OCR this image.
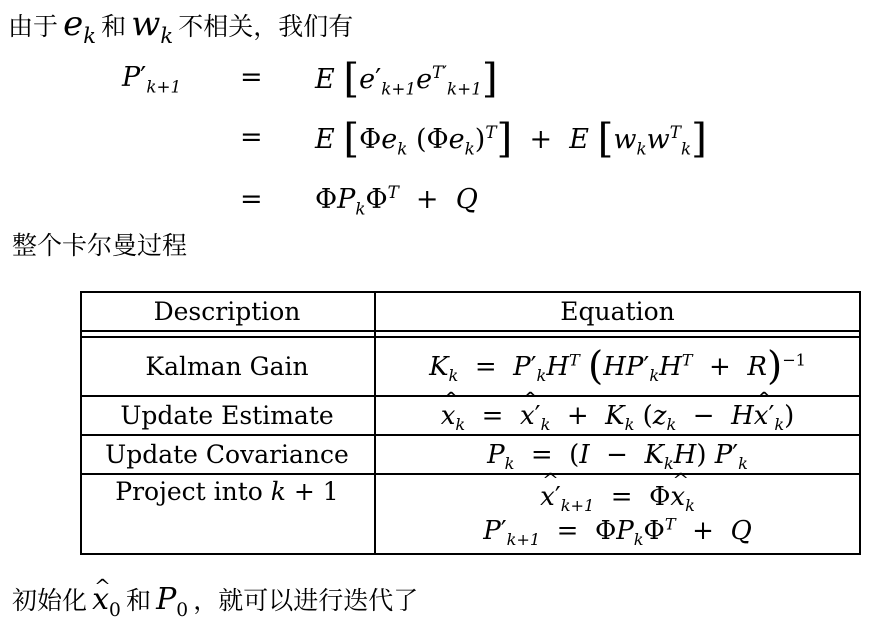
由于 $e_k$ 和 $w_k$ 不相关，我们有
$P'_{k+1} = E$ $[e'_{k+1}e^{T'}_{k+1}]$
= E [$\Phi e_k$ $(\Phi e_k)^T] + E$ $[w_kw^T_k]$
= $\Phi P_k\Phi^T + Q$
整个卡尔曼过程
Description	Equation
Kalman Gain	$K_k = P'_kH^T$ $(HP'_kH^T + R)^{-1}$
Update Estimate	x $\^{}_k = x$ $\^{}'_k + K_k$ ($z_k - Hx$ $\^{}'_k$)
Update Covariance	$P_k = (I - K_kH)$ $P'_k$
Project into k + 1	x $\^{}'_{k+1} = \Phi x$ $\^{}_k$
$P'_{k+1} = \Phi P_k\Phi^T + Q$
初始化 x $\^{}_0$ 和 $P_0$ ，就可以进行迭代了
